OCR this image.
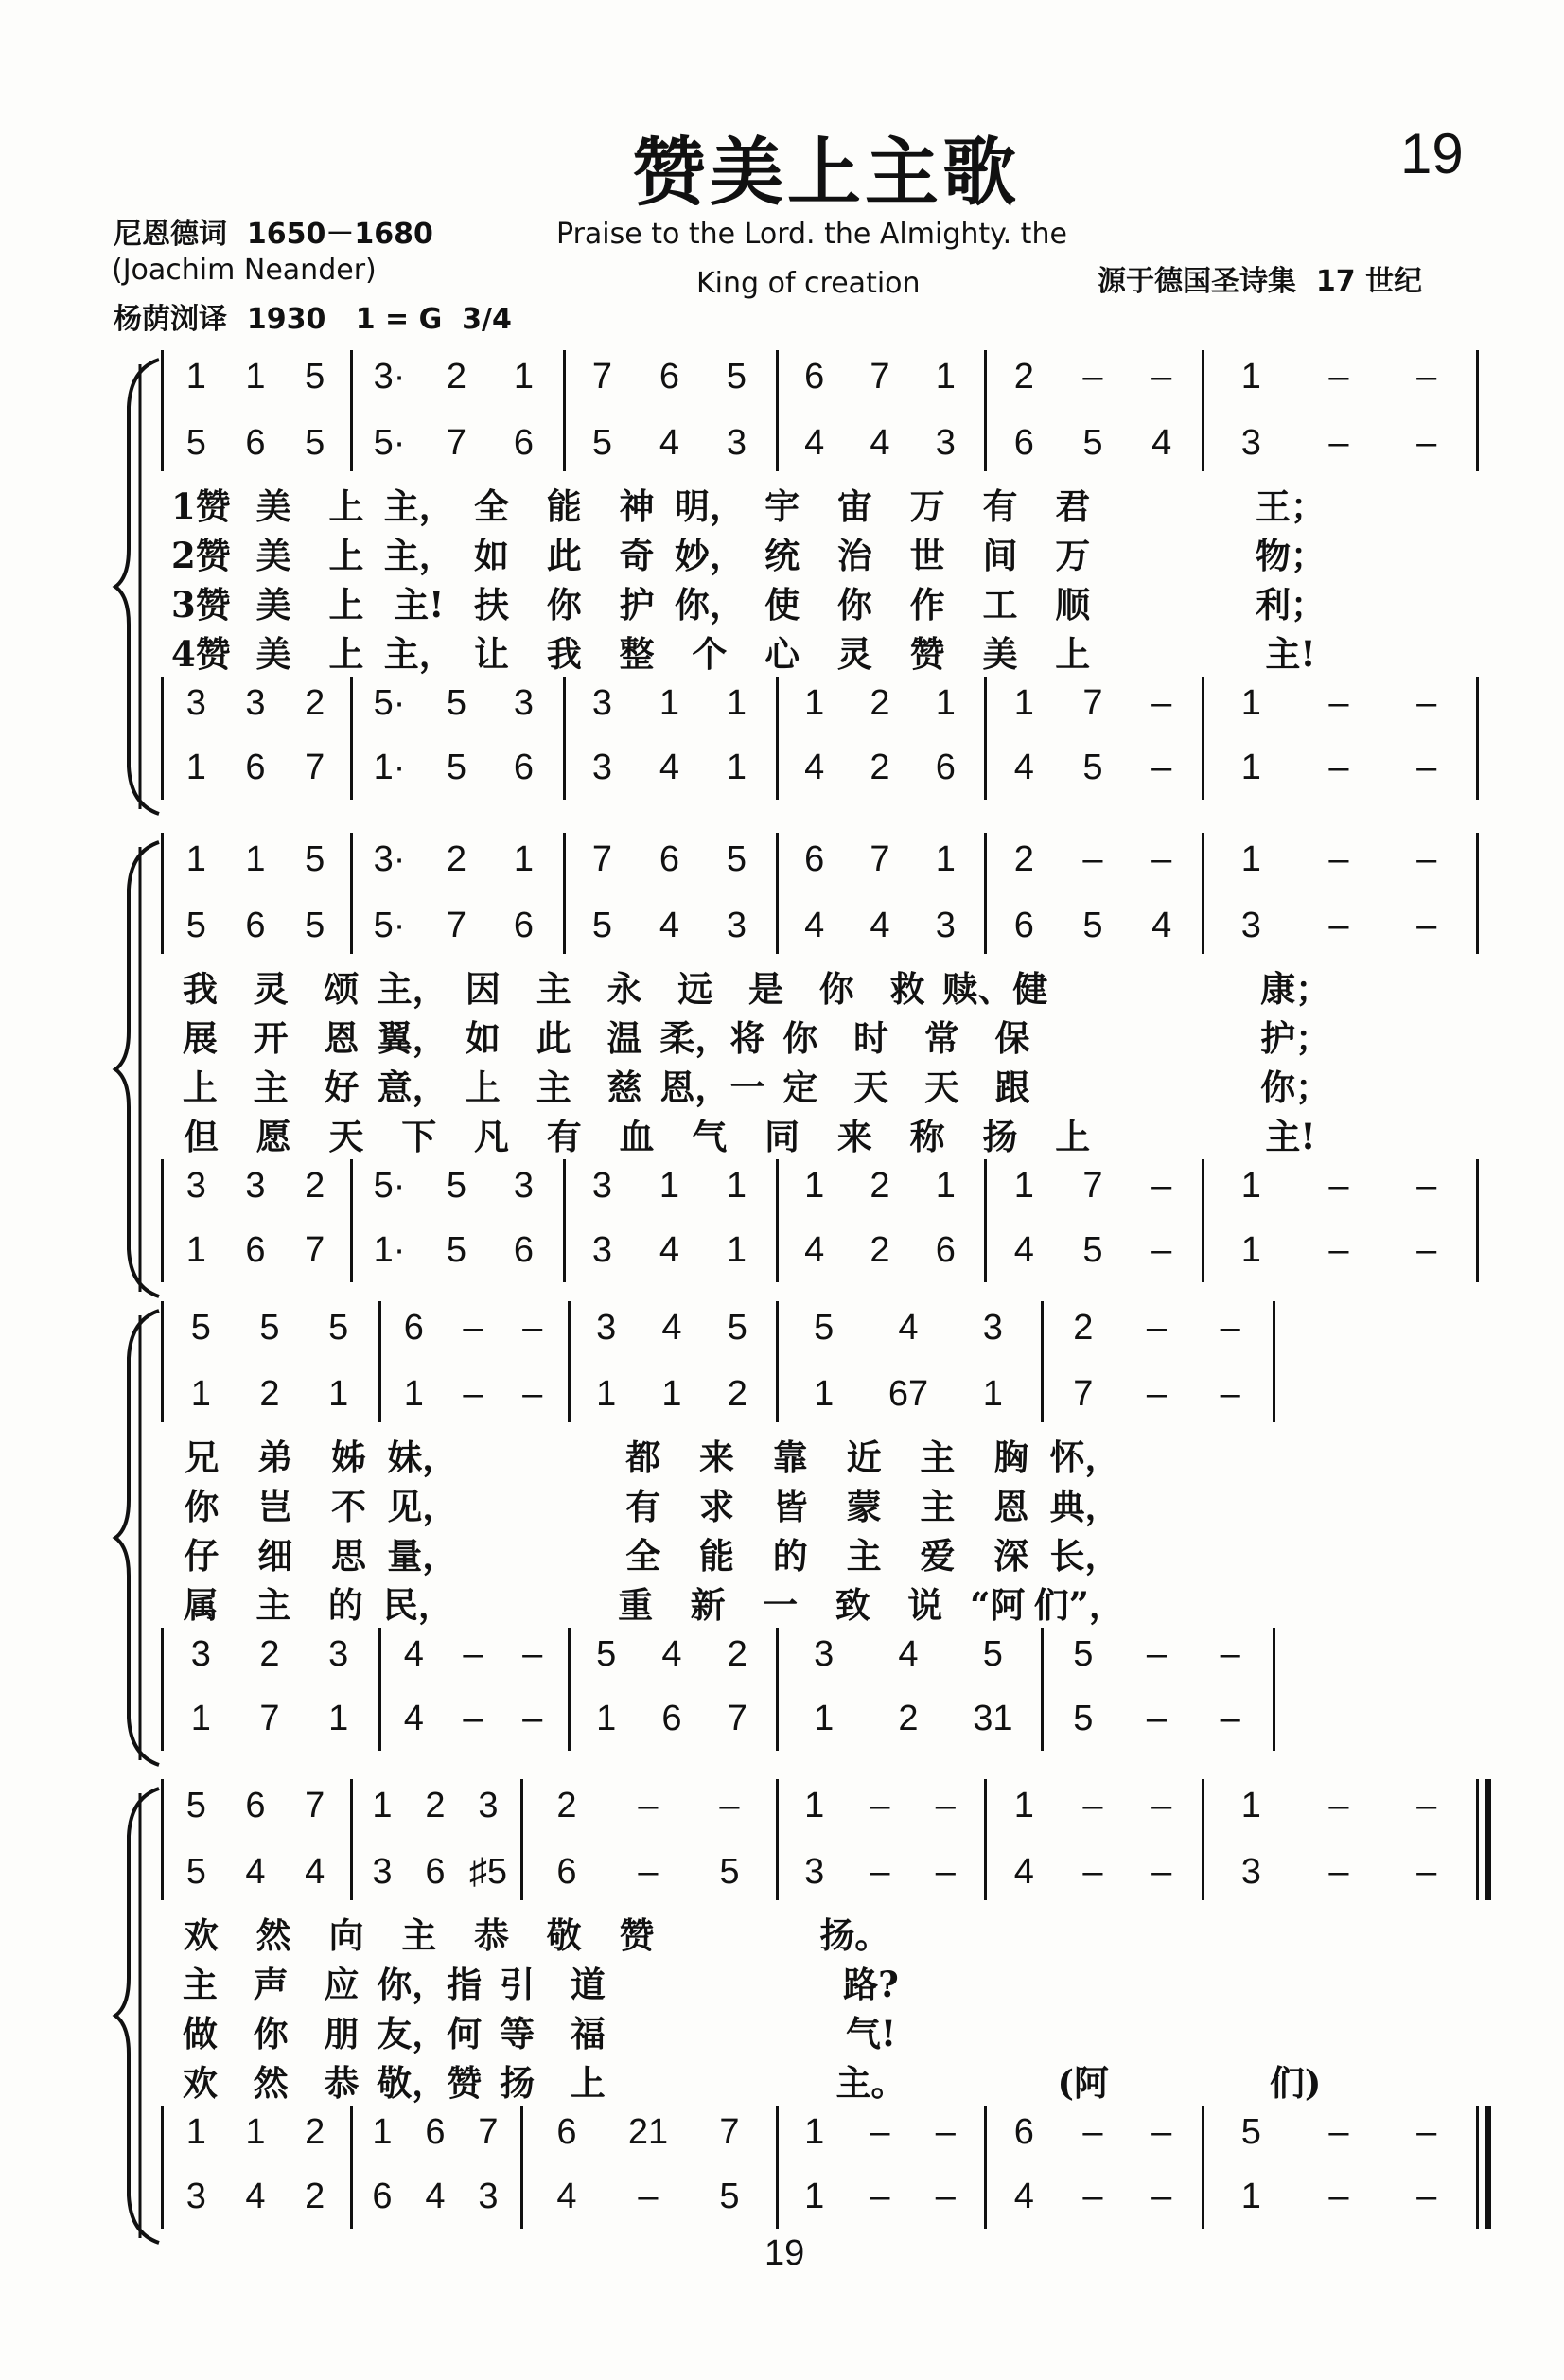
赞美上主歌	19
尼恩德词  1650－1680
(Joachim Neander)
杨荫浏译  1930   1 = G  3/4
Praise to the Lord. the Almighty. the
King of creation	源于德国圣诗集  17 世纪
1	1	5	3·	2	1	7	6	5	6	7	1	2	–	–	1	–	–
5	6	5	5·	7	6	5	4	3	4	4	3	6	5	4	3	–	–
1赞 美	上 主， 全	能	神 明， 宇	宙	万	有	君	王；
2赞 美	上 主， 如	此	奇 妙， 统	治	世	间	万	物；
3赞 美	上 主! 扶	你	护 你， 使	你	作	工	顺	利；
4赞 美	上 主， 让	我	整	个	心	灵	赞	美	上	主!
3	3	2	5·	5	3	3	1	1	1	2	1	1	7	–	1	–	–
1	6	7	1·	5	6	3	4	1	4	2	6	4	5	–	1	–	–
1	1	5	3·	2	1	7	6	5	6	7	1	2	–	–	1	–	–
5	6	5	5·	7	6	5	4	3	4	4	3	6	5	4	3	–	–
我	灵	颂 主， 因	主	永	远	是	你	救 赎、健	康；
展	开	恩 翼， 如	此	温 柔，将 你	时	常	保	护；
上	主	好 意， 上	主	慈 恩，一 定	天	天	跟	你；
但	愿	天	下	凡	有	血	气	同	来	称	扬	上	主!
3	3	2	5·	5	3	3	1	1	1	2	1	1	7	–	1	–	–
1	6	7	1·	5	6	3	4	1	4	2	6	4	5	–	1	–	–
5	5	5	6	–	–	3	4	5	5	4	3	2	–	–
1	2	1	1	–	–	1	1	2	1	67	1	7	–	–
兄	弟	姊 妹，	都	来	靠	近	主	胸 怀，
你	岂	不 见，	有	求	皆	蒙	主	恩 典，
仔	细	思 量，	全	能	的	主	爱	深 长，
属	主	的 民，	重	新	一	致	说 “阿 们”，
3	2	3	4	–	–	5	4	2	3	4	5	5	–	–
1	7	1	4	–	–	1	6	7	1	2	31	5	–	–
5	6	7	1 2 3	2	–	–	1	–	–	1	–	–	1	–	–
5	4	4	3 6 ♯5	6	–	5	3	–	–	4	–	–	3	–	–
欢	然	向	主	恭	敬	赞	扬。
主	声	应 你，指 引	道	路?
做	你	朋 友，何 等	福	气!
欢	然	恭 敬，赞 扬	上	主。	(阿	们)
1	1	2	1 6 7	6	21	7	1	–	–	6	–	–	5	–	–
3	4	2	6 4 3	4	–	5	1	–	–	4	–	–	1	–	–
19
